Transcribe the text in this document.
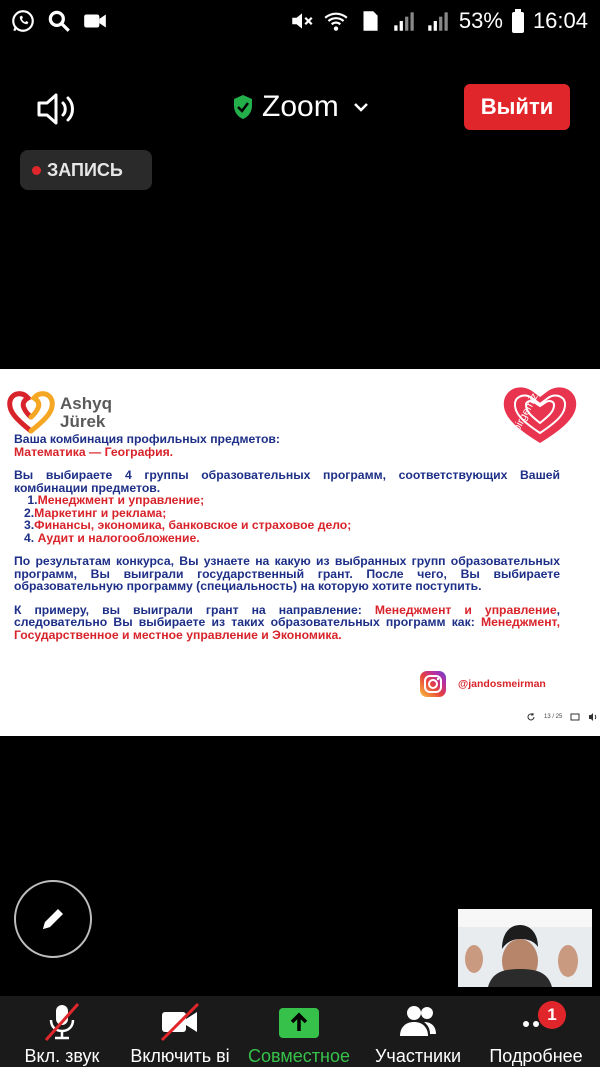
53% 16:04
Zoom	Выйти
ЗАПИСЬ
Ashyq
Jürek	birgemiz

Ваша комбинация профильных предметов:

Математика — География.

Вы выбираете 4 группы образовательных программ, соответствующих Вашей комбинации предметов.

1.Менеджмент и управление;
2.Маркетинг и реклама;
3.Финансы, экономика, банковское и страховое дело;
4. Аудит и налогообложение.

По результатам конкурса, Вы узнаете на какую из выбранных групп образовательных программ, Вы выиграли государственный грант. После чего, Вы выбираете образовательную программу (специальность) на которую хотите поступить.

К примеру, вы выиграли грант на направление: Менеджмент и управление, следовательно Вы выбираете из таких образовательных программ как: Менеджмент, Государственное и местное управление и Экономика.

@jandosmeirman
13 / 25
Вкл. звук Включить ві Совместное Участники Подробнее
1
